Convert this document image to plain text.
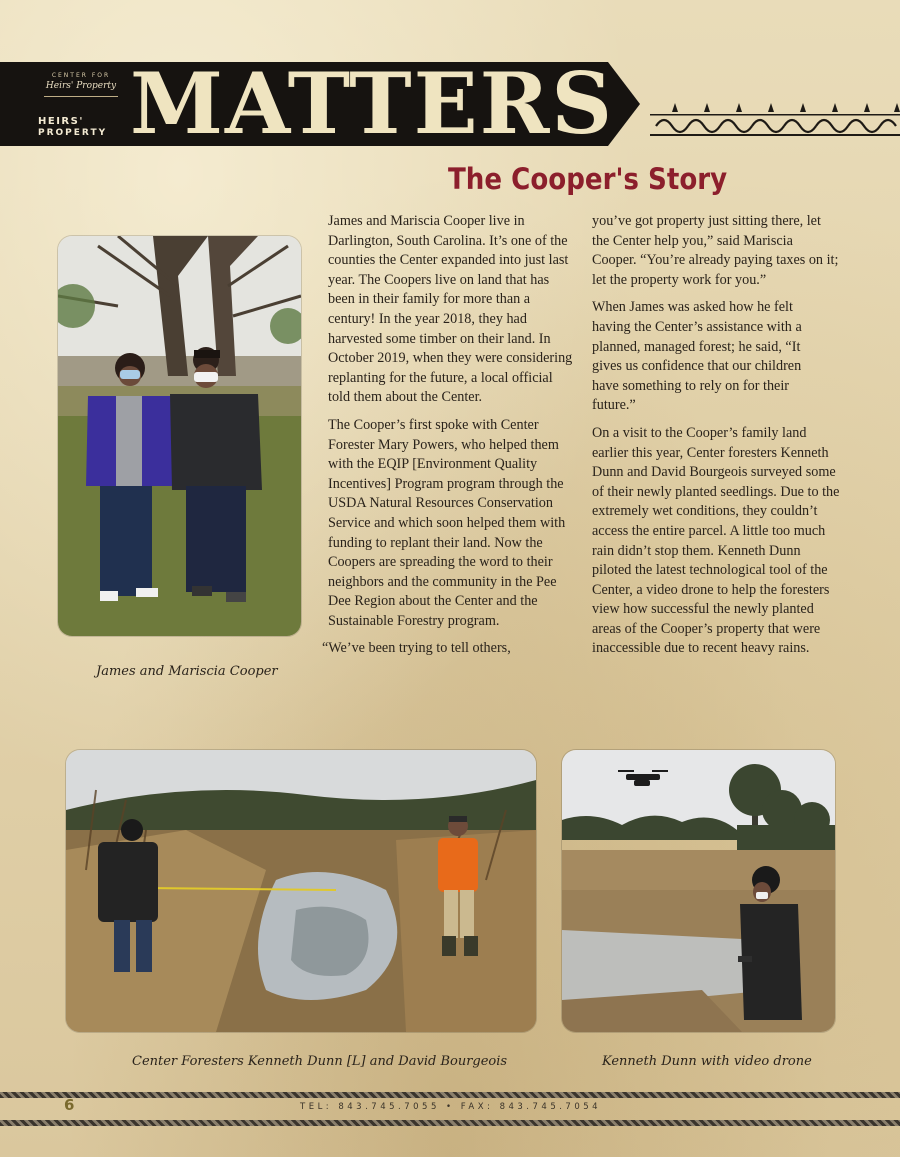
CENTER FOR
Heirs' Property
HEIRS'
PROPERTY MATTERS
The Cooper's Story

James and Mariscia Cooper live in Darlington, South Carolina. It’s one of the counties the Center expanded into just last year. The Coopers live on land that has been in their family for more than a century! In the year 2018, they had harvested some timber on their land. In October 2019, when they were considering replanting for the future, a local official told them about the Center.

The Cooper’s first spoke with Center Forester Mary Powers, who helped them with the EQIP [Environment Quality Incentives] Program program through the USDA Natural Resources Conservation Service and which soon helped them with funding to replant their land. Now the Coopers are spreading the word to their neighbors and the community in the Pee Dee Region about the Center and the Sustainable Forestry program.

“We’ve been trying to tell others,

you’ve got property just sitting there, let the Center help you,” said Mariscia Cooper. “You’re already paying taxes on it; let the property work for you.”

When James was asked how he felt having the Center’s assistance with a planned, managed forest; he said, “It gives us confidence that our children have something to rely on for their future.”

On a visit to the Cooper’s family land earlier this year, Center foresters Kenneth Dunn and David Bourgeois surveyed some of their newly planted seedlings. Due to the extremely wet conditions, they couldn’t access the entire parcel. A little too much rain didn’t stop them. Kenneth Dunn piloted the latest technological tool of the Center, a video drone to help the foresters view how successful the newly planted areas of the Cooper’s property that were inaccessible due to recent heavy rains.

James and Mariscia Cooper
Center Foresters Kenneth Dunn [L] and David Bourgeois	Kenneth Dunn with video drone
6	TEL: 843.745.7055 • FAX: 843.745.7054
